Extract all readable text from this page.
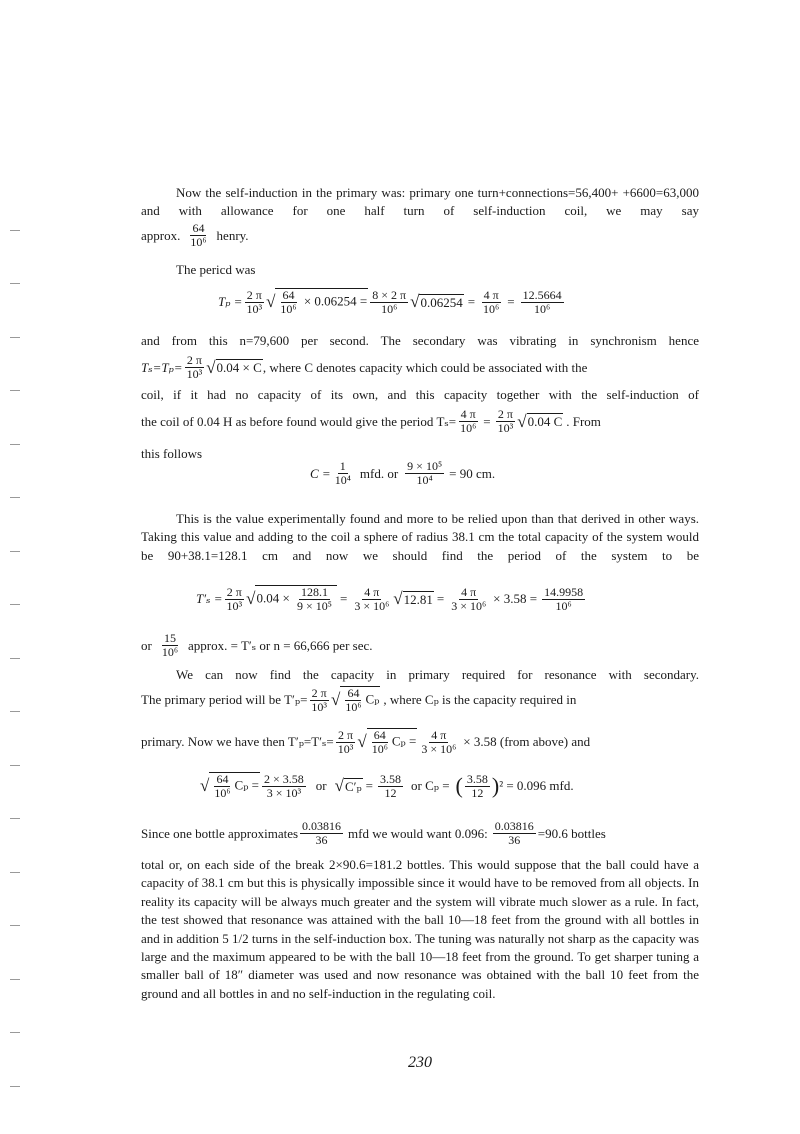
Now the self-induction in the primary was: primary one turn+connections=56,400+ +6600=63,000 and with allowance for one half turn of self-induction coil, we may say
approx. 64
10⁶ henry.
The pericd was
$T_p = \frac{2 \pi}{\text{10³}}$ √ $\frac{64}{\text{10⁶}} \times 0.06254 = \frac{8 \times 2 \pi}{\text{10⁶}}$ √ $0.06254 = \frac{4 \pi}{\text{10⁶}} = \frac{12.5664}{\text{10⁶}}$
and from this n=79,600 per second. The secondary was vibrating in synchronism hence
$T_s=T_p= \frac{2 \pi}{\text{10³}}$ √ 0.04 × C , where C denotes capacity which could be associated with the
coil, if it had no capacity of its own, and this capacity together with the self-induction of
the coil of 0.04 H as before found would give the period $T_s= \frac{4 \pi}{\text{10⁶}} = \frac{2 \pi}{\text{10³}}$ √ 0.04 C . From
this follows
$C = \frac{1}{\text{10⁴}}$ mfd. or $\frac{\text{9 × 10⁵}}{\text{10⁴}} = 90$ cm.
This is the value experimentally found and more to be relied upon than that derived in other ways. Taking this value and adding to the coil a sphere of radius 38.1 cm the total capacity of the system would be 90+38.1=128.1 cm and now we should find the period of the system to be
$T'_s = \frac{2 \pi}{\text{10³}}$ √ $0.04 \times \frac{128.1}{\text{9 × 10⁵}} = \frac{4 \pi}{\text{3 × 10⁶}}$ √ $12.81 = \frac{4 \pi}{\text{3 × 10⁶}} \times 3.58 = \frac{14.9958}{\text{10⁶}}$
or 15
10⁶ approx. = T′ₛ or n = 66,666 per sec.
We can now find the capacity in primary required for resonance with secondary.
The primary period will be $T'_p= \frac{2 \pi}{\text{10³}}$ √ $\frac{64}{\text{10⁶}}$ Cₚ , where Cₚ is the capacity required in
primary. Now we have then $T'_p=T'_s= \frac{2 \pi}{\text{10³}}$ √ $\frac{64}{\text{10⁶}}$ $C_p = \frac{4 \pi}{\text{3 × 10⁶}} \times 3.58$ (from above) and
√ $\frac{64}{\text{10⁶}}$ $C_p = \frac{2 \times 3.58}{\text{3 × 10³}}$ or √ $C'_p = \frac{3.58}{12}$ or Cₚ = ( 3.58
12 ) ² = 0.096 mfd.
Since one bottle approximates 0.03816
36 mfd we would want 0.096: $\frac{0.03816}{36} =90.6$ bottles
total or, on each side of the break 2×90.6=181.2 bottles. This would suppose that the ball could have a capacity of 38.1 cm but this is physically impossible since it would have to be removed from all objects. In reality its capacity will be always much greater and the system will vibrate much slower as a rule. In fact, the test showed that resonance was attained with the ball 10—18 feet from the ground with all bottles in and in addition 5 1/2 turns in the self-induction box. The tuning was naturally not sharp as the capacity was large and the maximum appeared to be with the ball 10—18 feet from the ground. To get sharper tuning a smaller ball of 18″ diameter was used and now resonance was obtained with the ball 10 feet from the ground and all bottles in and no self-induction in the regulating coil.
230
